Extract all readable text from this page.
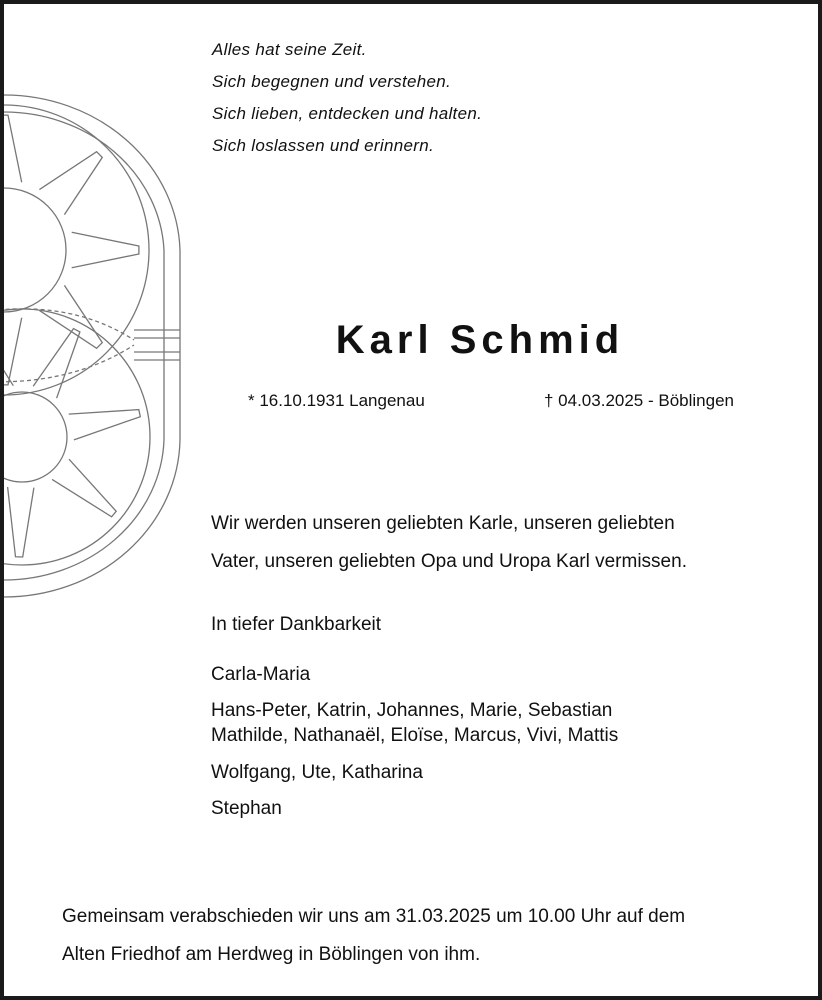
Alles hat seine Zeit.
Sich begegnen und verstehen.
Sich lieben, entdecken und halten.
Sich loslassen und erinnern.
Karl Schmid
* 16.10.1931 Langenau	† 04.03.2025 - Böblingen
Wir werden unseren geliebten Karle, unseren geliebten
Vater, unseren geliebten Opa und Uropa Karl vermissen.
In tiefer Dankbarkeit
Carla-Maria
Hans-Peter, Katrin, Johannes, Marie, Sebastian
Mathilde, Nathanaël, Eloïse, Marcus, Vivi, Mattis
Wolfgang, Ute, Katharina
Stephan
Gemeinsam verabschieden wir uns am 31.03.2025 um 10.00 Uhr auf dem
Alten Friedhof am Herdweg in Böblingen von ihm.
